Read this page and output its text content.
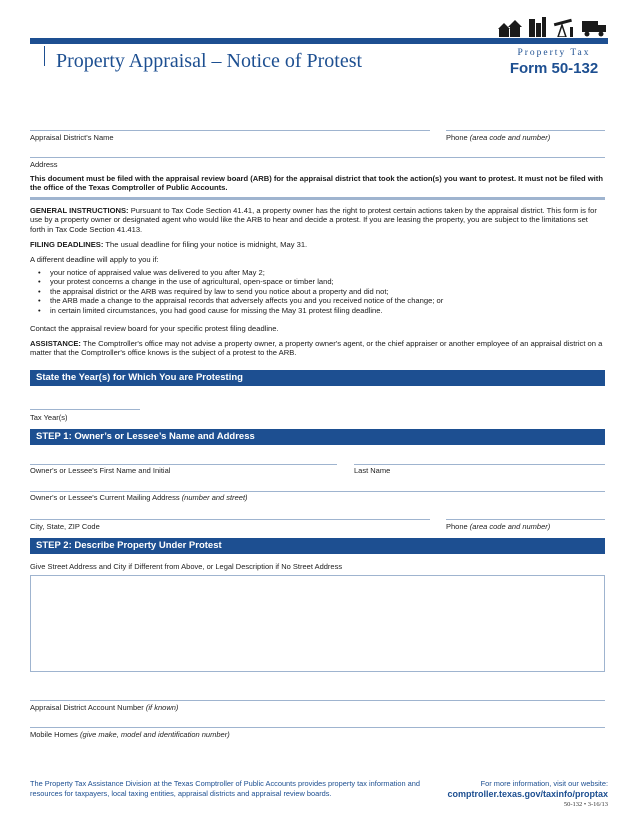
Property Appraisal – Notice of Protest	Property Tax
Form 50-132
Appraisal District's Name	Phone (area code and number)
Address
This document must be filed with the appraisal review board (ARB) for the appraisal district that took the action(s) you want to protest. It must not be filed with the office of the Texas Comptroller of Public Accounts.
GENERAL INSTRUCTIONS: Pursuant to Tax Code Section 41.41, a property owner has the right to protest certain actions taken by the appraisal district. This form is for use by a property owner or designated agent who would like the ARB to hear and decide a protest. If you are leasing the property, you are subject to the limitations set forth in Tax Code Section 41.413.
FILING DEADLINES: The usual deadline for filing your notice is midnight, May 31.
A different deadline will apply to you if:
• your notice of appraised value was delivered to you after May 2;
• your protest concerns a change in the use of agricultural, open-space or timber land;
• the appraisal district or the ARB was required by law to send you notice about a property and did not;
• the ARB made a change to the appraisal records that adversely affects you and you received notice of the change; or
• in certain limited circumstances, you had good cause for missing the May 31 protest filing deadline.
Contact the appraisal review board for your specific protest filing deadline.
ASSISTANCE: The Comptroller's office may not advise a property owner, a property owner's agent, or the chief appraiser or another employee of an appraisal district on a matter that the Comptroller's office knows is the subject of a protest to the ARB.
State the Year(s) for Which You are Protesting
Tax Year(s)
STEP 1: Owner’s or Lessee’s Name and Address
Owner's or Lessee's First Name and Initial	Last Name
Owner's or Lessee's Current Mailing Address (number and street)
City, State, ZIP Code	Phone (area code and number)
STEP 2: Describe Property Under Protest
Give Street Address and City if Different from Above, or Legal Description if No Street Address
Appraisal District Account Number (if known)
Mobile Homes (give make, model and identification number)
The Property Tax Assistance Division at the Texas Comptroller of Public Accounts provides property tax information and resources for taxpayers, local taxing entities, appraisal districts and appraisal review boards.
For more information, visit our website:
comptroller.texas.gov/taxinfo/proptax
50-132 • 3-16/13
